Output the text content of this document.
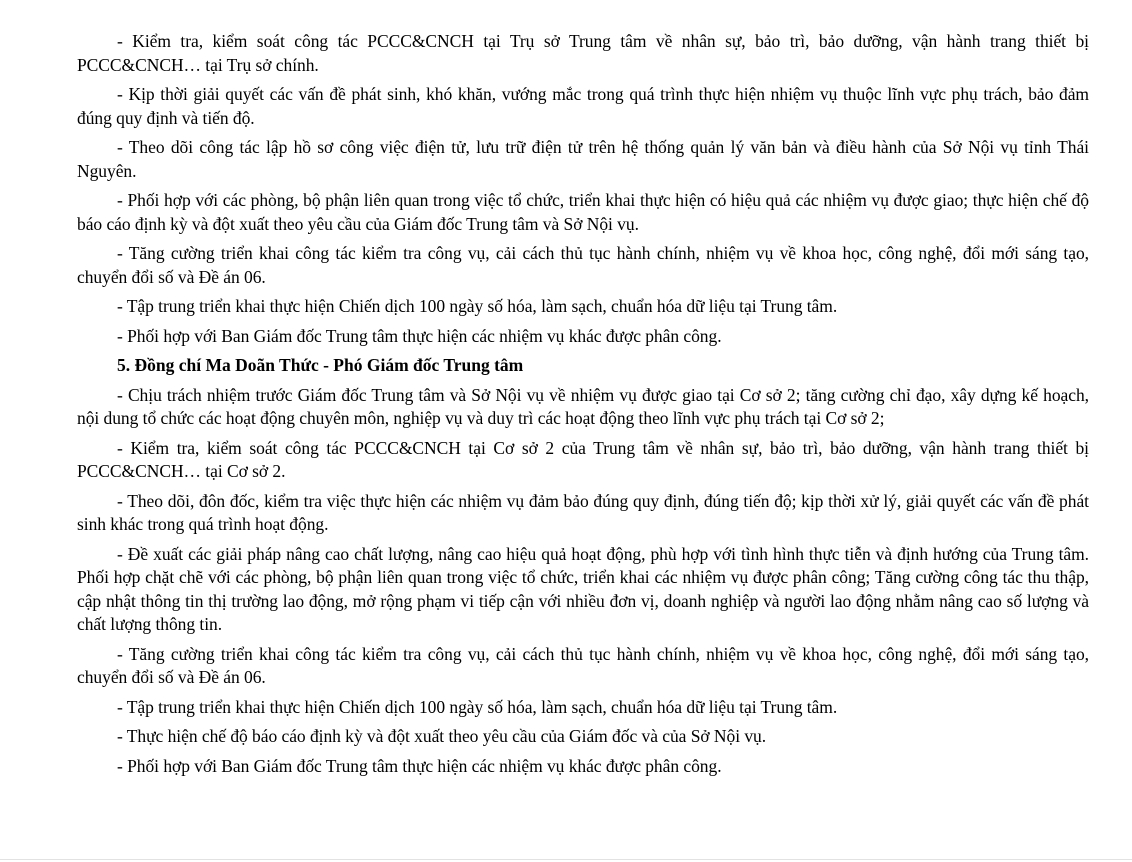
- Kiểm tra, kiểm soát công tác PCCC&CNCH tại Trụ sở Trung tâm về nhân sự, bảo trì, bảo dưỡng, vận hành trang thiết bị PCCC&CNCH… tại Trụ sở chính.

- Kịp thời giải quyết các vấn đề phát sinh, khó khăn, vướng mắc trong quá trình thực hiện nhiệm vụ thuộc lĩnh vực phụ trách, bảo đảm đúng quy định và tiến độ.

- Theo dõi công tác lập hồ sơ công việc điện tử, lưu trữ điện tử trên hệ thống quản lý văn bản và điều hành của Sở Nội vụ tỉnh Thái Nguyên.

- Phối hợp với các phòng, bộ phận liên quan trong việc tổ chức, triển khai thực hiện có hiệu quả các nhiệm vụ được giao; thực hiện chế độ báo cáo định kỳ và đột xuất theo yêu cầu của Giám đốc Trung tâm và Sở Nội vụ.

- Tăng cường triển khai công tác kiểm tra công vụ, cải cách thủ tục hành chính, nhiệm vụ về khoa học, công nghệ, đổi mới sáng tạo, chuyển đổi số và Đề án 06.

- Tập trung triển khai thực hiện Chiến dịch 100 ngày số hóa, làm sạch, chuẩn hóa dữ liệu tại Trung tâm.

- Phối hợp với Ban Giám đốc Trung tâm thực hiện các nhiệm vụ khác được phân công.

5. Đồng chí Ma Doãn Thức - Phó Giám đốc Trung tâm

- Chịu trách nhiệm trước Giám đốc Trung tâm và Sở Nội vụ về nhiệm vụ được giao tại Cơ sở 2; tăng cường chỉ đạo, xây dựng kế hoạch, nội dung tổ chức các hoạt động chuyên môn, nghiệp vụ và duy trì các hoạt động theo lĩnh vực phụ trách tại Cơ sở 2;

- Kiểm tra, kiểm soát công tác PCCC&CNCH tại Cơ sở 2 của Trung tâm về nhân sự, bảo trì, bảo dưỡng, vận hành trang thiết bị PCCC&CNCH… tại Cơ sở 2.

- Theo dõi, đôn đốc, kiểm tra việc thực hiện các nhiệm vụ đảm bảo đúng quy định, đúng tiến độ; kịp thời xử lý, giải quyết các vấn đề phát sinh khác trong quá trình hoạt động.

- Đề xuất các giải pháp nâng cao chất lượng, nâng cao hiệu quả hoạt động, phù hợp với tình hình thực tiễn và định hướng của Trung tâm. Phối hợp chặt chẽ với các phòng, bộ phận liên quan trong việc tổ chức, triển khai các nhiệm vụ được phân công; Tăng cường công tác thu thập, cập nhật thông tin thị trường lao động, mở rộng phạm vi tiếp cận với nhiều đơn vị, doanh nghiệp và người lao động nhằm nâng cao số lượng và chất lượng thông tin.

- Tăng cường triển khai công tác kiểm tra công vụ, cải cách thủ tục hành chính, nhiệm vụ về khoa học, công nghệ, đổi mới sáng tạo, chuyển đổi số và Đề án 06.

- Tập trung triển khai thực hiện Chiến dịch 100 ngày số hóa, làm sạch, chuẩn hóa dữ liệu tại Trung tâm.

- Thực hiện chế độ báo cáo định kỳ và đột xuất theo yêu cầu của Giám đốc và của Sở Nội vụ.

- Phối hợp với Ban Giám đốc Trung tâm thực hiện các nhiệm vụ khác được phân công.
